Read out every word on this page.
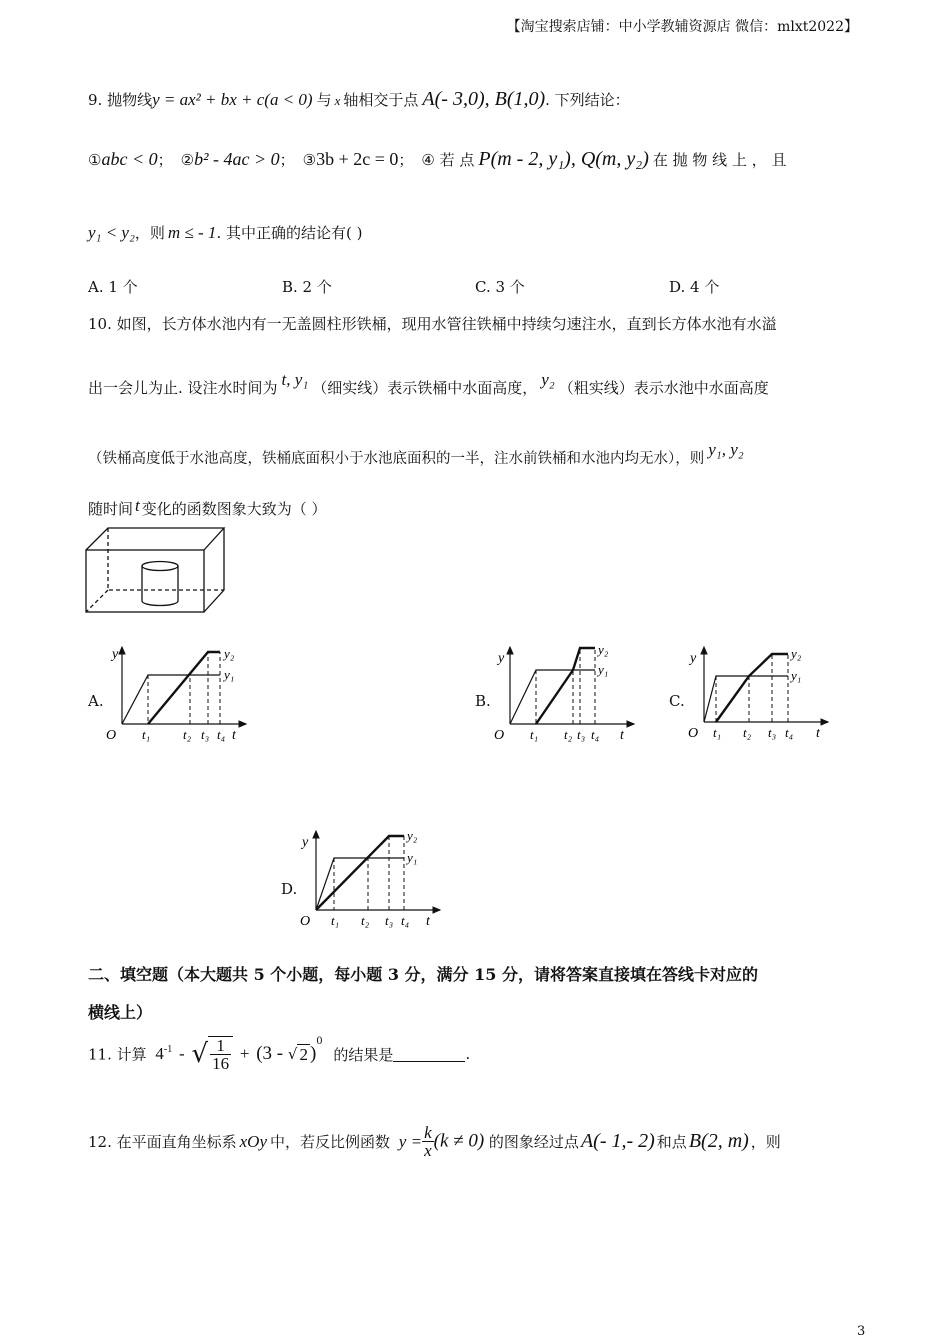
【淘宝搜索店铺：中小学教辅资源店 微信：mlxt2022】
9. 抛物线y = ax² + bx + c(a < 0) 与 x 轴相交于点 A(- 3,0), B(1,0). 下列结论：
①abc < 0； ②b² - 4ac > 0； ③3b + 2c = 0； ④ 若 点 P(m - 2, y₁), Q(m, y₂) 在 抛 物 线 上 ， 且
y₁ < y₂，则 m ≤ - 1. 其中正确的结论有( )
A. 1 个	B. 2 个	C. 3 个	D. 4 个
10. 如图，长方体水池内有一无盖圆柱形铁桶，现用水管往铁桶中持续匀速注水，直到长方体水池有水溢
出一会儿为止. 设注水时间为 t, y₁ （细实线）表示铁桶中水面高度， y₂ （粗实线）表示水池中水面高度
（铁桶高度低于水池高度，铁桶底面积小于水池底面积的一半，注水前铁桶和水池内均无水），则 y₁, y₂
随时间 t 变化的函数图象大致为（ ）
A.	B.	C.
D.
y
O	t
t₁	t₂ t₃ t₄
y₂
y₁
y
O	t
t₁ t₂ t₃ t₄
y₂
y₁
y
O	t
t₁ t₂ t₃ t₄
y₂
y₁
y
O	t
t₁ t₂ t₃ t₄
y₂
y₁
二、填空题（本大题共 5 个小题，每小题 3 分，满分 15 分，请将答案直接填在答线卡对应的
横线上）
11. 计算 $4^{-1}$ - √ $\frac{1}{16} + (3$ - √ 2 )$^0$ 的结果是	.
12. 在平面直角坐标系 xOy 中，若反比例函数 $y = \frac{k}{x} (k \ne 0)$ 的图象经过点 A(- 1,- 2) 和点 B(2, m) ，则
3
